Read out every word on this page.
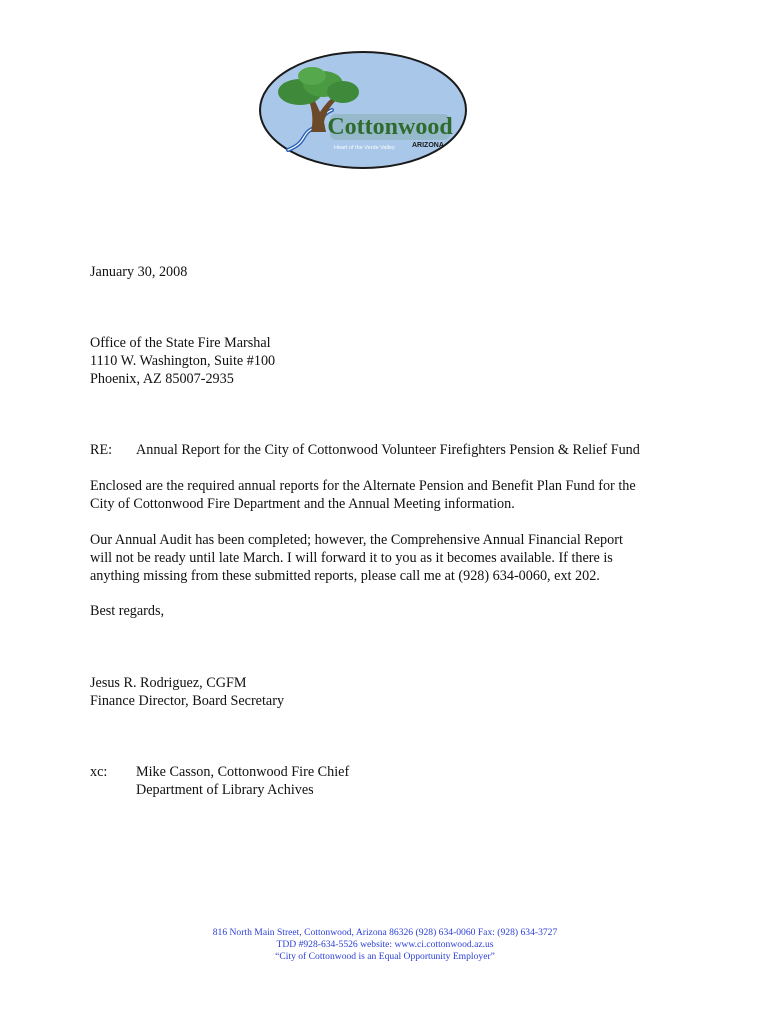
Cottonwood
Heart of the Verde Valley ARIZONA
January 30, 2008
Office of the State Fire Marshal
1110 W. Washington, Suite #100
Phoenix, AZ 85007-2935
RE: Annual Report for the City of Cottonwood Volunteer Firefighters Pension & Relief Fund
Enclosed are the required annual reports for the Alternate Pension and Benefit Plan Fund for the
City of Cottonwood Fire Department and the Annual Meeting information.
Our Annual Audit has been completed; however, the Comprehensive Annual Financial Report
will not be ready until late March. I will forward it to you as it becomes available. If there is
anything missing from these submitted reports, please call me at (928) 634-0060, ext 202.
Best regards,
Jesus R. Rodriguez, CGFM
Finance Director, Board Secretary
xc:	Mike Casson, Cottonwood Fire Chief
Department of Library Achives
816 North Main Street, Cottonwood, Arizona 86326 (928) 634-0060 Fax: (928) 634-3727
TDD #928-634-5526 website: www.ci.cottonwood.az.us
“City of Cottonwood is an Equal Opportunity Employer”
